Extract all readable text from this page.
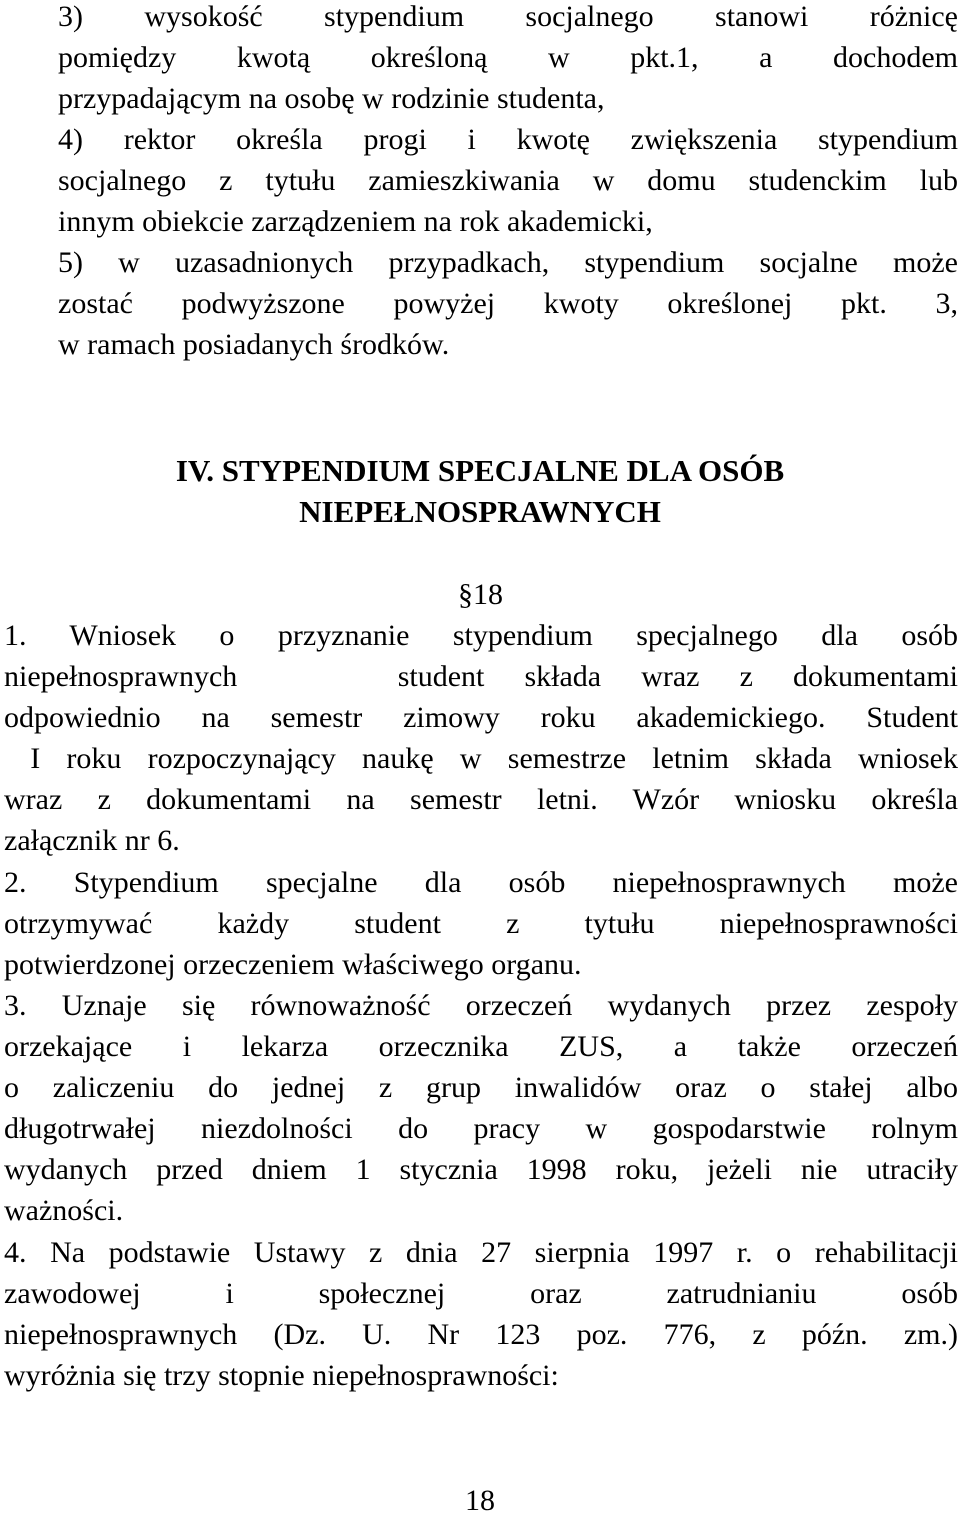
3) wysokość stypendium socjalnego stanowi różnicę
pomiędzy kwotą określoną w pkt.1, a dochodem
przypadającym na osobę w rodzinie studenta,
4) rektor określa progi i kwotę zwiększenia stypendium
socjalnego z tytułu zamieszkiwania w domu studenckim lub
innym obiekcie zarządzeniem na rok akademicki,
5) w uzasadnionych przypadkach, stypendium socjalne może
zostać podwyższone powyżej kwoty określonej pkt. 3,
w ramach posiadanych środków.
IV. STYPENDIUM SPECJALNE DLA OSÓB
NIEPEŁNOSPRAWNYCH
§18
1. Wniosek o przyznanie stypendium specjalnego dla osób
niepełnosprawnych    student składa wraz z dokumentami
odpowiednio na semestr zimowy roku akademickiego. Student
I roku rozpoczynający naukę w semestrze letnim składa wniosek
wraz z dokumentami na semestr letni. Wzór wniosku określa
załącznik nr 6.
2. Stypendium specjalne dla osób niepełnosprawnych może
otrzymywać każdy student z tytułu niepełnosprawności
potwierdzonej orzeczeniem właściwego organu.
3. Uznaje się równoważność orzeczeń wydanych przez zespoły
orzekające i lekarza orzecznika ZUS, a także orzeczeń
o zaliczeniu do jednej z grup inwalidów oraz o stałej albo
długotrwałej niezdolności do pracy w gospodarstwie rolnym
wydanych przed dniem 1 stycznia 1998 roku, jeżeli nie utraciły
ważności.
4. Na podstawie Ustawy z dnia 27 sierpnia 1997 r. o rehabilitacji
zawodowej i społecznej oraz zatrudnianiu osób
niepełnosprawnych (Dz. U. Nr 123 poz. 776, z późn. zm.)
wyróżnia się trzy stopnie niepełnosprawności:
18
